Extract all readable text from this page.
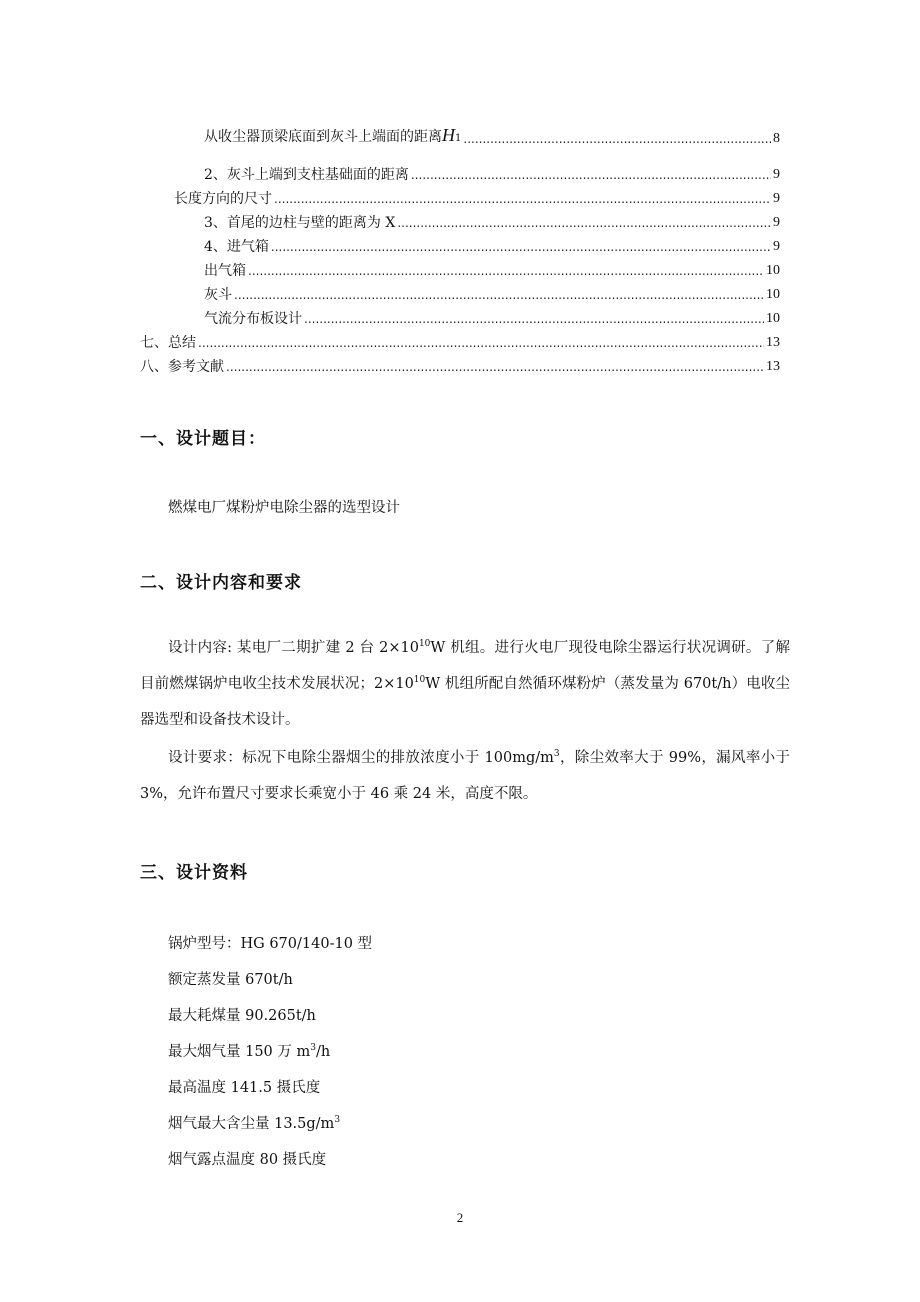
从收尘器顶梁底面到灰斗上端面的距离H1 .....	8
2、灰斗上端到支柱基础面的距离 .....	9
长度方向的尺寸 .....	9
3、首尾的边柱与壁的距离为 X .....	9
4、进气箱 .....	9
出气箱 .....	10
灰斗 .....	10
气流分布板设计 .....	10
七、总结 .....	13
八、参考文献 .....	13
一、设计题目：
燃煤电厂煤粉炉电除尘器的选型设计
二、设计内容和要求
设计内容: 某电厂二期扩建 2 台 $2\times 10^{10}W$ 机组。进行火电厂现役电除尘器运行状况调研。了解目前燃煤锅炉电收尘技术发展状况；$2\times 10^{10}W$ 机组所配自然循环煤粉炉（蒸发量为 670t/h）电收尘器选型和设备技术设计。
设计要求：标况下电除尘器烟尘的排放浓度小于 $100mg/m^3$，除尘效率大于 99%，漏风率小于 3%，允许布置尺寸要求长乘宽小于 46 乘 24 米，高度不限。
三、设计资料
锅炉型号：HG 670/140-10 型
额定蒸发量 670t/h
最大耗煤量 90.265t/h
最大烟气量 150 万 $m^3/h$
最高温度 141.5 摄氏度
烟气最大含尘量 $13.5g/m^3$
烟气露点温度 80 摄氏度
2
